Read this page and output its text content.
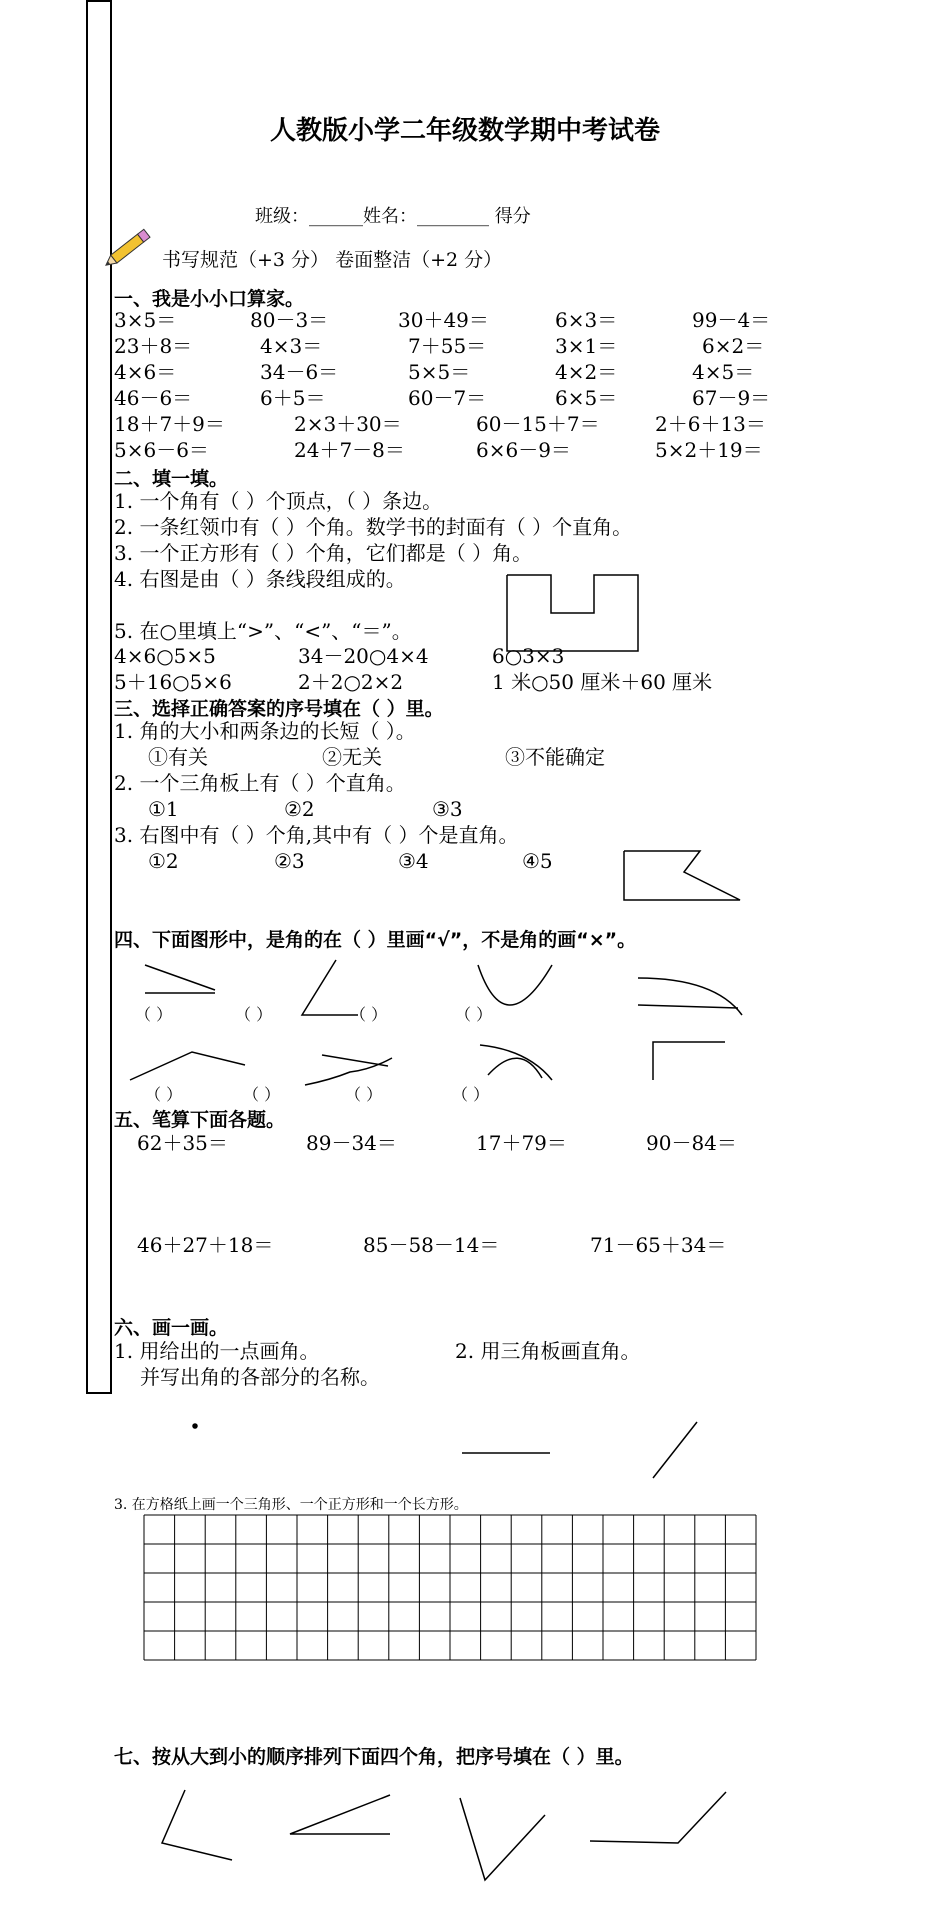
人教版小学二年级数学期中考试卷
班级：______姓名：________ 得分
书写规范（+3 分） 卷面整洁（+2 分）
一、我是小小口算家。
3×5＝	80－3＝	30＋49＝	6×3＝	99－4＝
23＋8＝	4×3＝	7＋55＝	3×1＝	6×2＝
4×6＝	34－6＝	5×5＝	4×2＝	4×5＝
46－6＝	6＋5＝	60－7＝	6×5＝	67－9＝
18＋7＋9＝	2×3＋30＝	60－15＋7＝	2＋6＋13＝
5×6－6＝	24＋7－8＝	6×6－9＝	5×2＋19＝
二、填一填。
1. 一个角有（ ）个顶点，（ ）条边。
2. 一条红领巾有（ ）个角。数学书的封面有（ ）个直角。
3. 一个正方形有（ ）个角，它们都是（ ）角。
4. 右图是由（ ）条线段组成的。
5. 在○里填上“>”、“<”、“＝”。
4×6○5×5	34－20○4×4	6○3×3
5＋16○5×6	2＋2○2×2	1 米○50 厘米＋60 厘米
三、选择正确答案的序号填在（ ）里。
1. 角的大小和两条边的长短（ ）。
①有关	②无关	③不能确定
2. 一个三角板上有（ ）个直角。
①1	②2	③3
3. 右图中有（ ）个角,其中有（ ）个是直角。
①2	②3	③4	④5
四、下面图形中，是角的在（ ）里画“√”，不是角的画“×”。
（ ）	（ ）	（ ）	（ ）
（ ）	（ ）	（ ）	（ ）
五、笔算下面各题。
62＋35＝	89－34＝	17＋79＝	90－84＝
46＋27＋18＝	85－58－14＝	71－65＋34＝
六、画一画。
1. 用给出的一点画角。	2. 用三角板画直角。
并写出角的各部分的名称。
3. 在方格纸上画一个三角形、一个正方形和一个长方形。
七、按从大到小的顺序排列下面四个角，把序号填在（ ）里。
